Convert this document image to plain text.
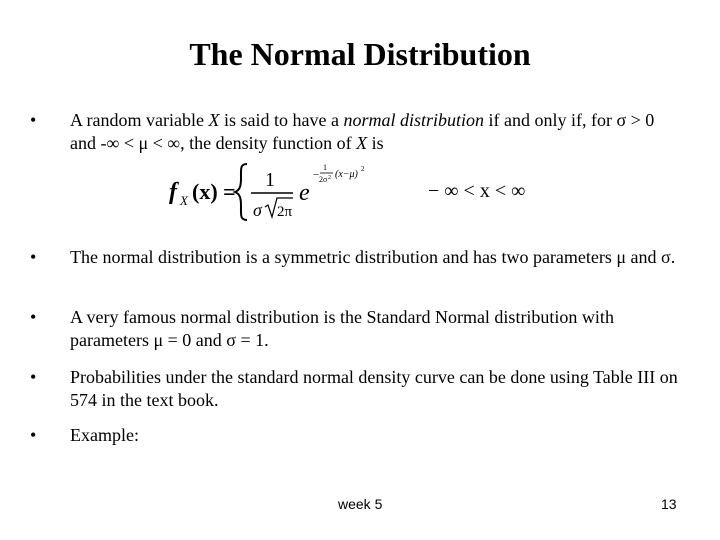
The Normal Distribution
• A random variable X is said to have a normal distribution if and only if, for σ > 0 and -∞ < μ < ∞, the density function of X is
f X (x) = 1
σ 2π
e
−
1
2σ 2 (x−μ) 2
− ∞ < x < ∞
• The normal distribution is a symmetric distribution and has two parameters μ and σ.
• A very famous normal distribution is the Standard Normal distribution with parameters μ = 0 and σ = 1.
• Probabilities under the standard normal density curve can be done using Table III on 574 in the text book.
• Example:
week 5	13
